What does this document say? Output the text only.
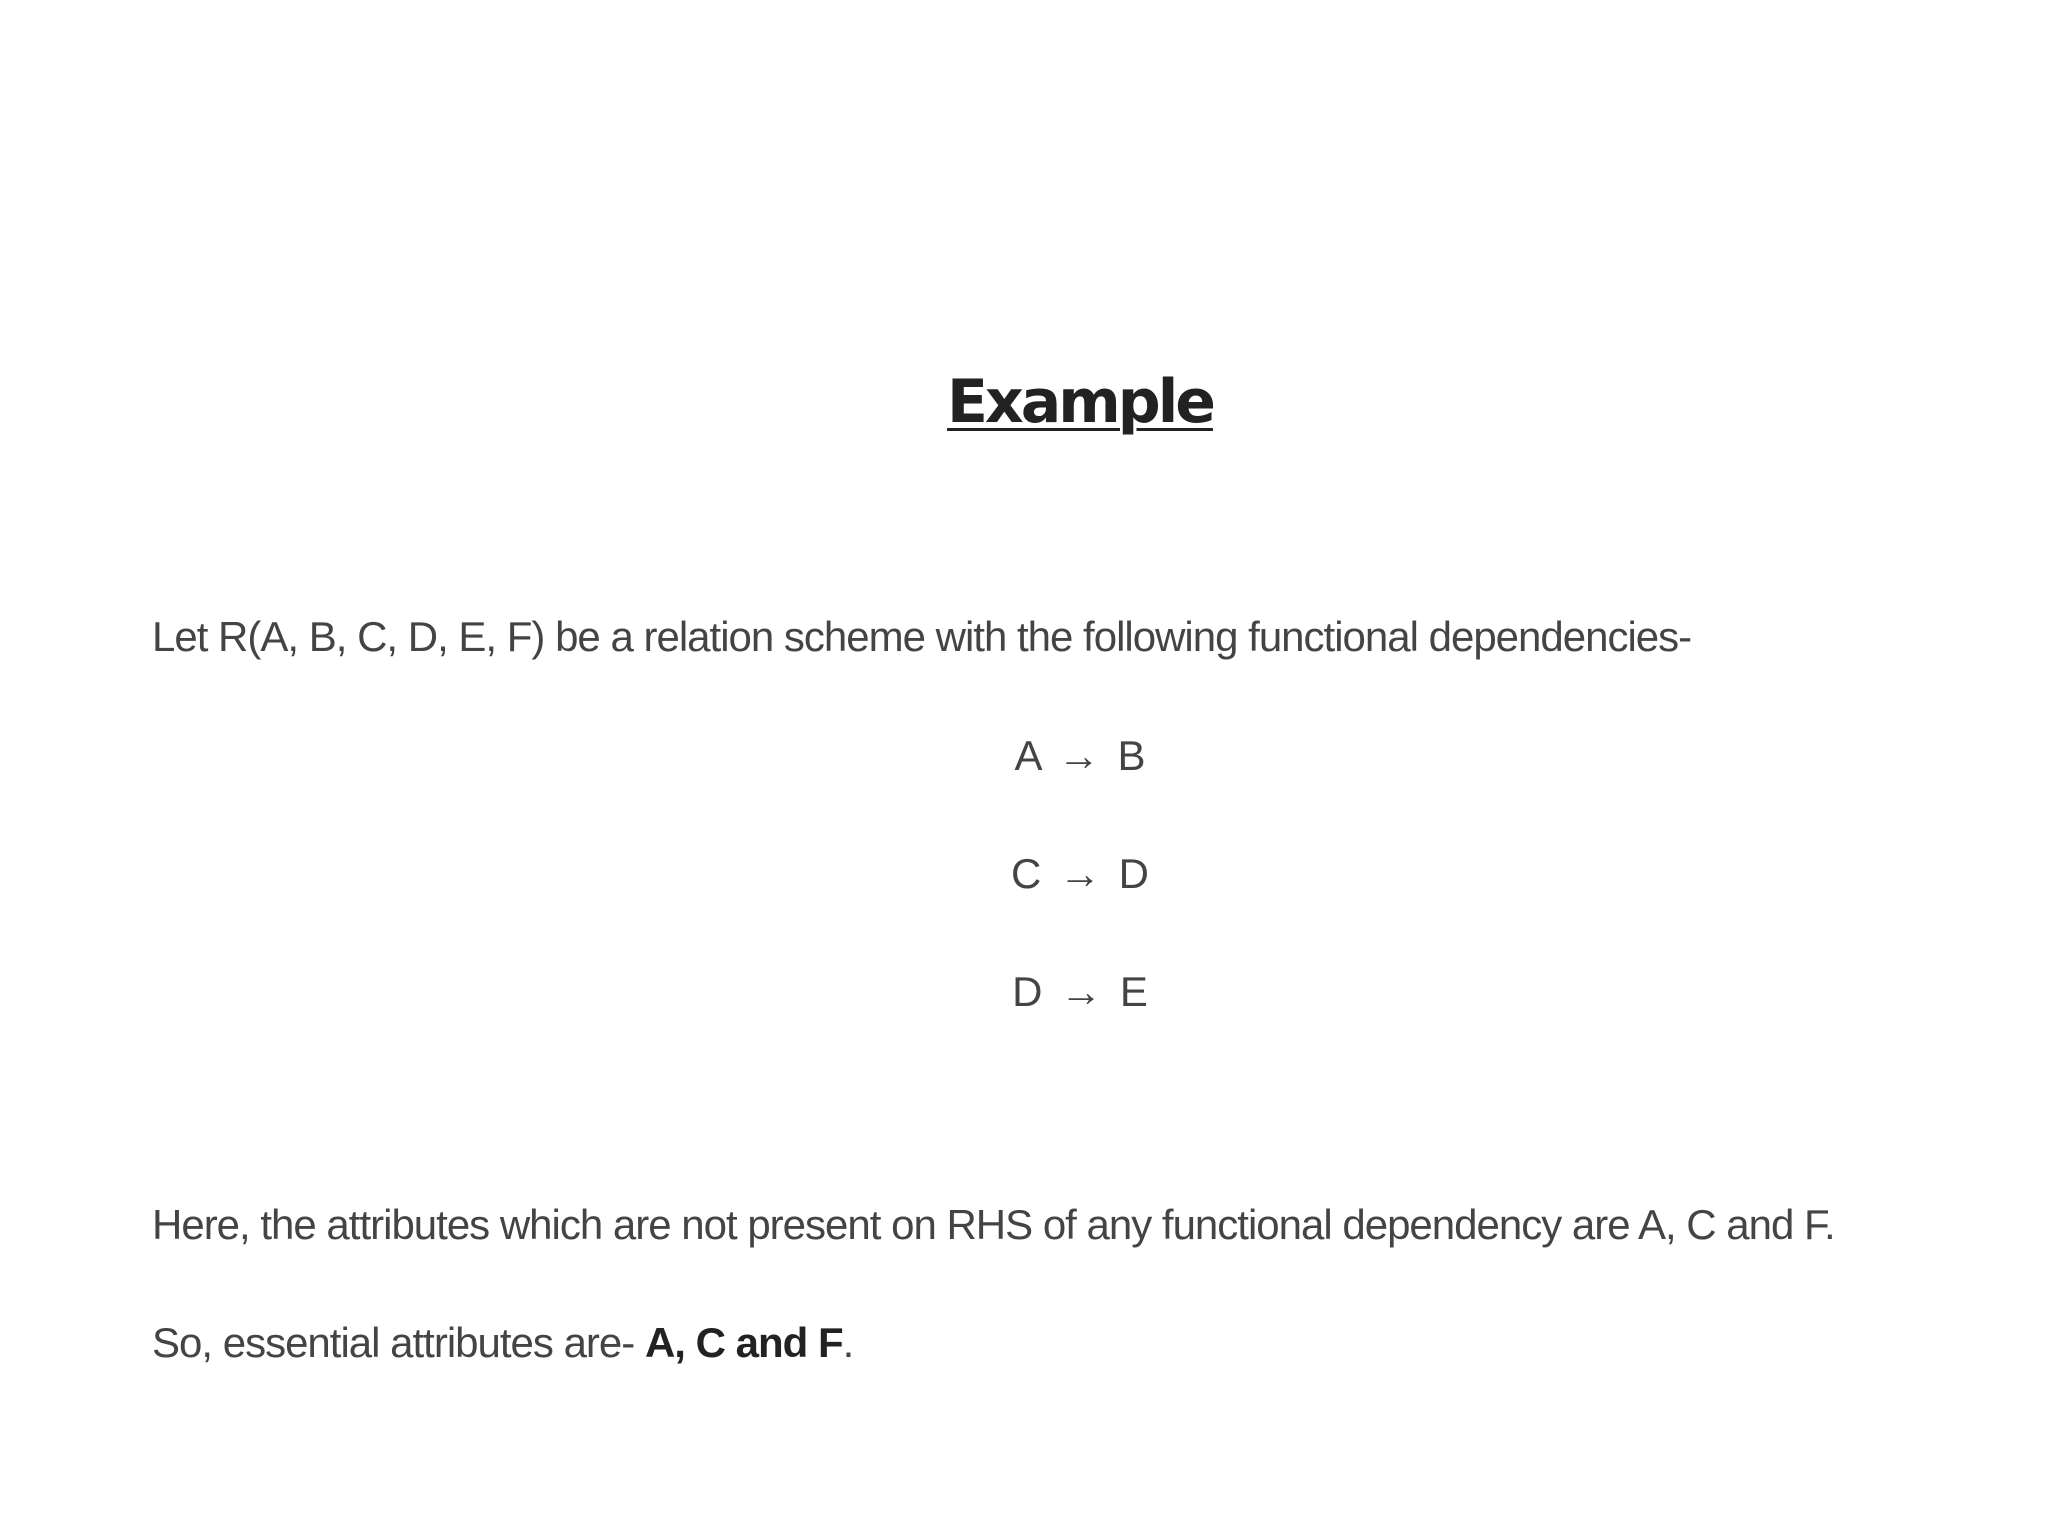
Example

Let R(A, B, C, D, E, F) be a relation scheme with the following functional dependencies-

A → B
C → D
D → E

Here, the attributes which are not present on RHS of any functional dependency are A, C and F.

So, essential attributes are- A, C and F.
